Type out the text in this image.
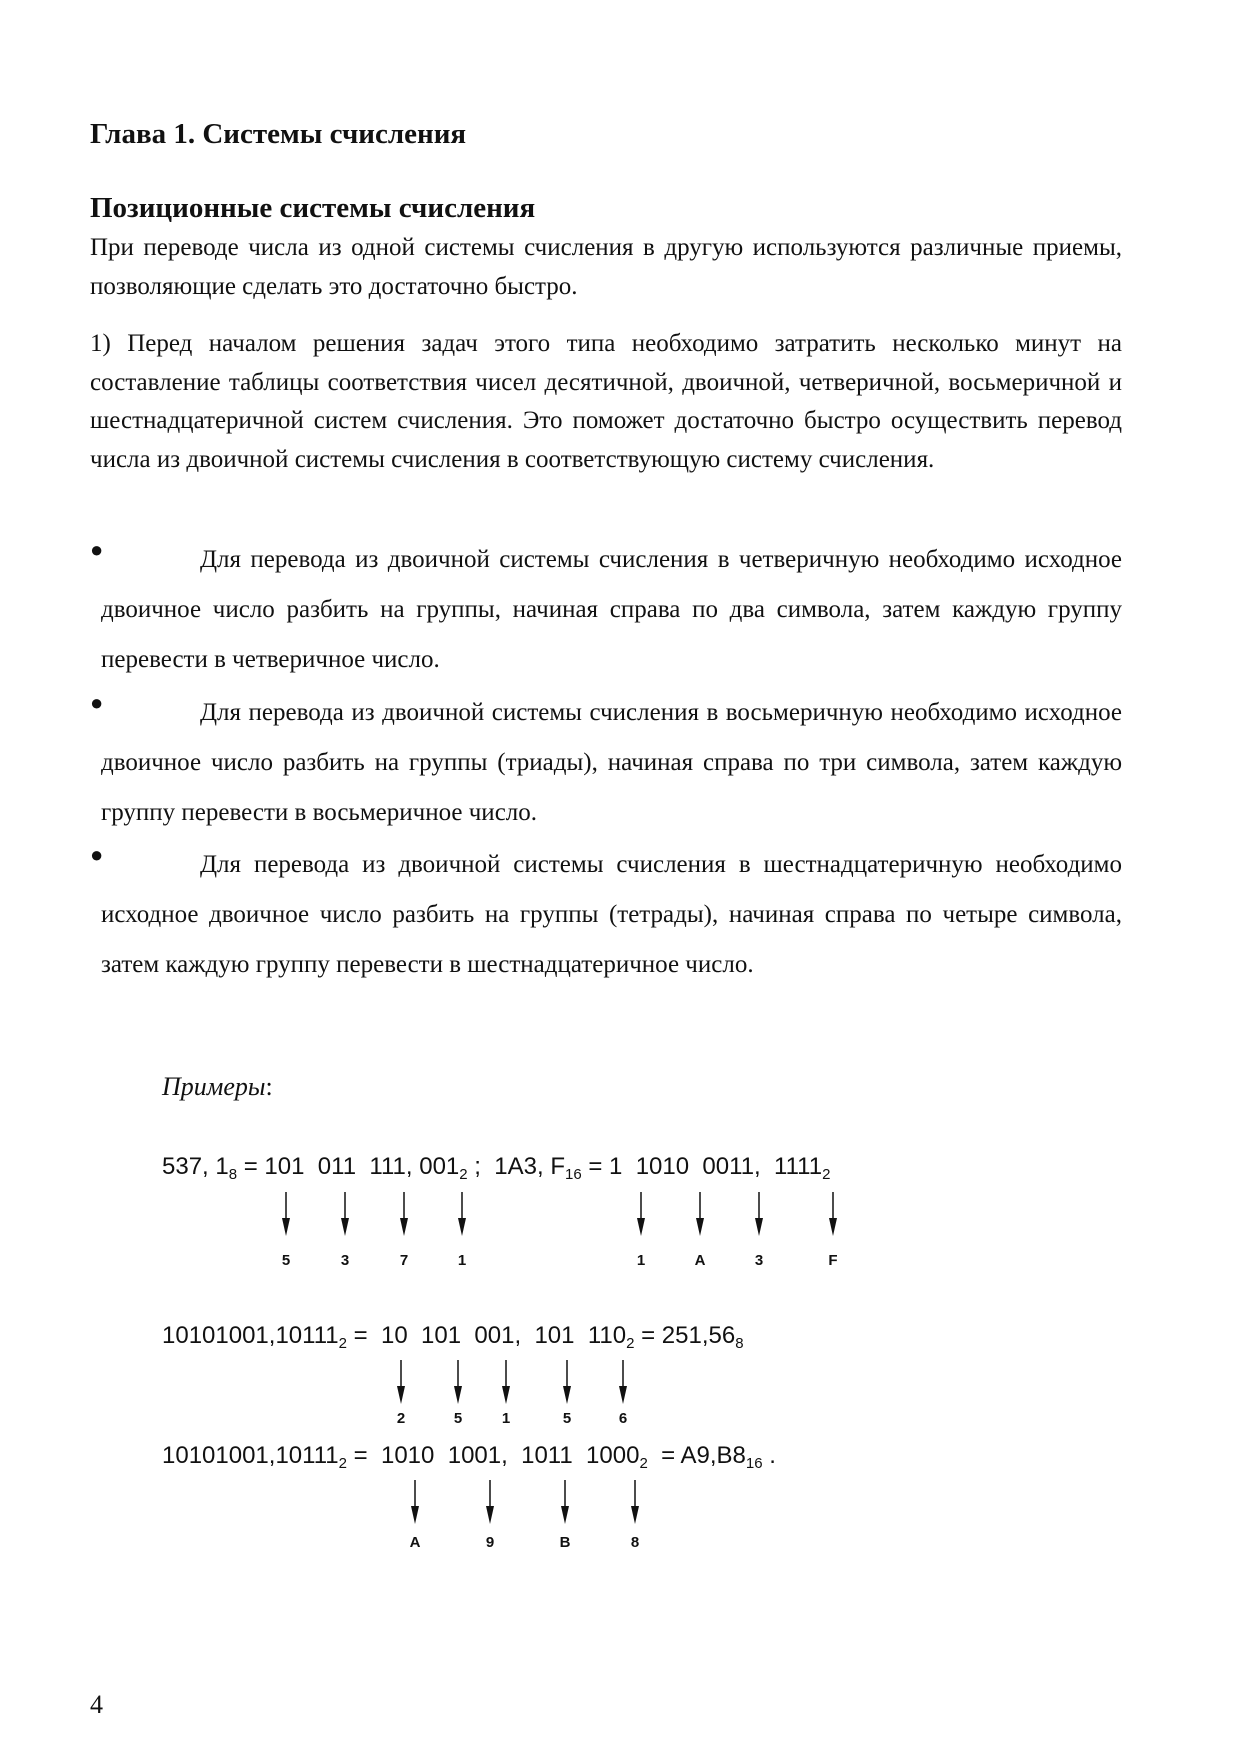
Глава 1. Системы счисления
Позиционные системы счисления
При переводе числа из одной системы счисления в другую используются различные приемы, позволяющие сделать это достаточно быстро.
1) Перед началом решения задач этого типа необходимо затратить несколько минут на составление таблицы соответствия чисел десятичной, двоичной, четверичной, восьмеричной и шестнадцатеричной систем счисления. Это поможет достаточно быстро осуществить перевод числа из двоичной системы счисления в соответствующую систему счисления.
●	Для перевода из двоичной системы счисления в четверичную необходимо исходное двоичное число разбить на группы, начиная справа по два символа, затем каждую группу перевести в четверичное число.
●	Для перевода из двоичной системы счисления в восьмеричную необходимо исходное двоичное число разбить на группы (триады), начиная справа по три символа, затем каждую группу перевести в восьмеричное число.
●	Для перевода из двоичной системы счисления в шестнадцатеричную необходимо исходное двоичное число разбить на группы (тетрады), начиная справа по четыре символа, затем каждую группу перевести в шестнадцатеричное число.
Примеры:
537, $1_8 = 101$  011  111, $001_2$ ;  1A3, $F_{16} = 1$  1010  0011,  $1111_2$
$10101001,10111_2 = 10$  101  001,  101  $110_2 = 251,56_8$
$10101001,10111_2 = 1010$  1001,  1011  $1000_2 = A9,B8_{16}$ .
5	3	7	1	1	A	3	F
2	5	1	5	6
A	9	B	8
4
